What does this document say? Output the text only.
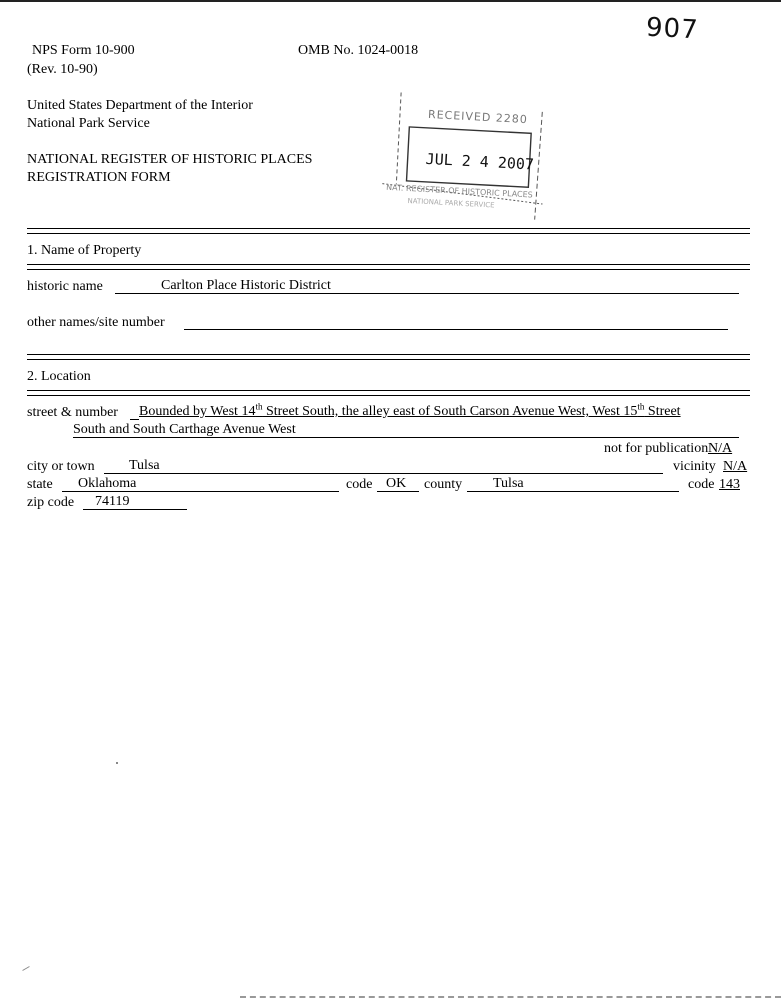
NPS Form 10-900
(Rev. 10-90)
OMB No. 1024-0018
United States Department of the Interior
National Park Service
NATIONAL REGISTER OF HISTORIC PLACES
REGISTRATION FORM
907
RECEIVED 2280
JUL 2 4 2007
NAT. REGISTER OF HISTORIC PLACES
NATIONAL PARK SERVICE
1. Name of Property
historic name	Carlton Place Historic District
other names/site number
2. Location
street & number Bounded by West 14th Street South, the alley east of South Carson Avenue West, West 15th Street
South and South Carthage Avenue West
not for publication N/A
city or town Tulsa	vicinity N/A
state Oklahoma	code OK county Tulsa	code 143
zip code 74119
